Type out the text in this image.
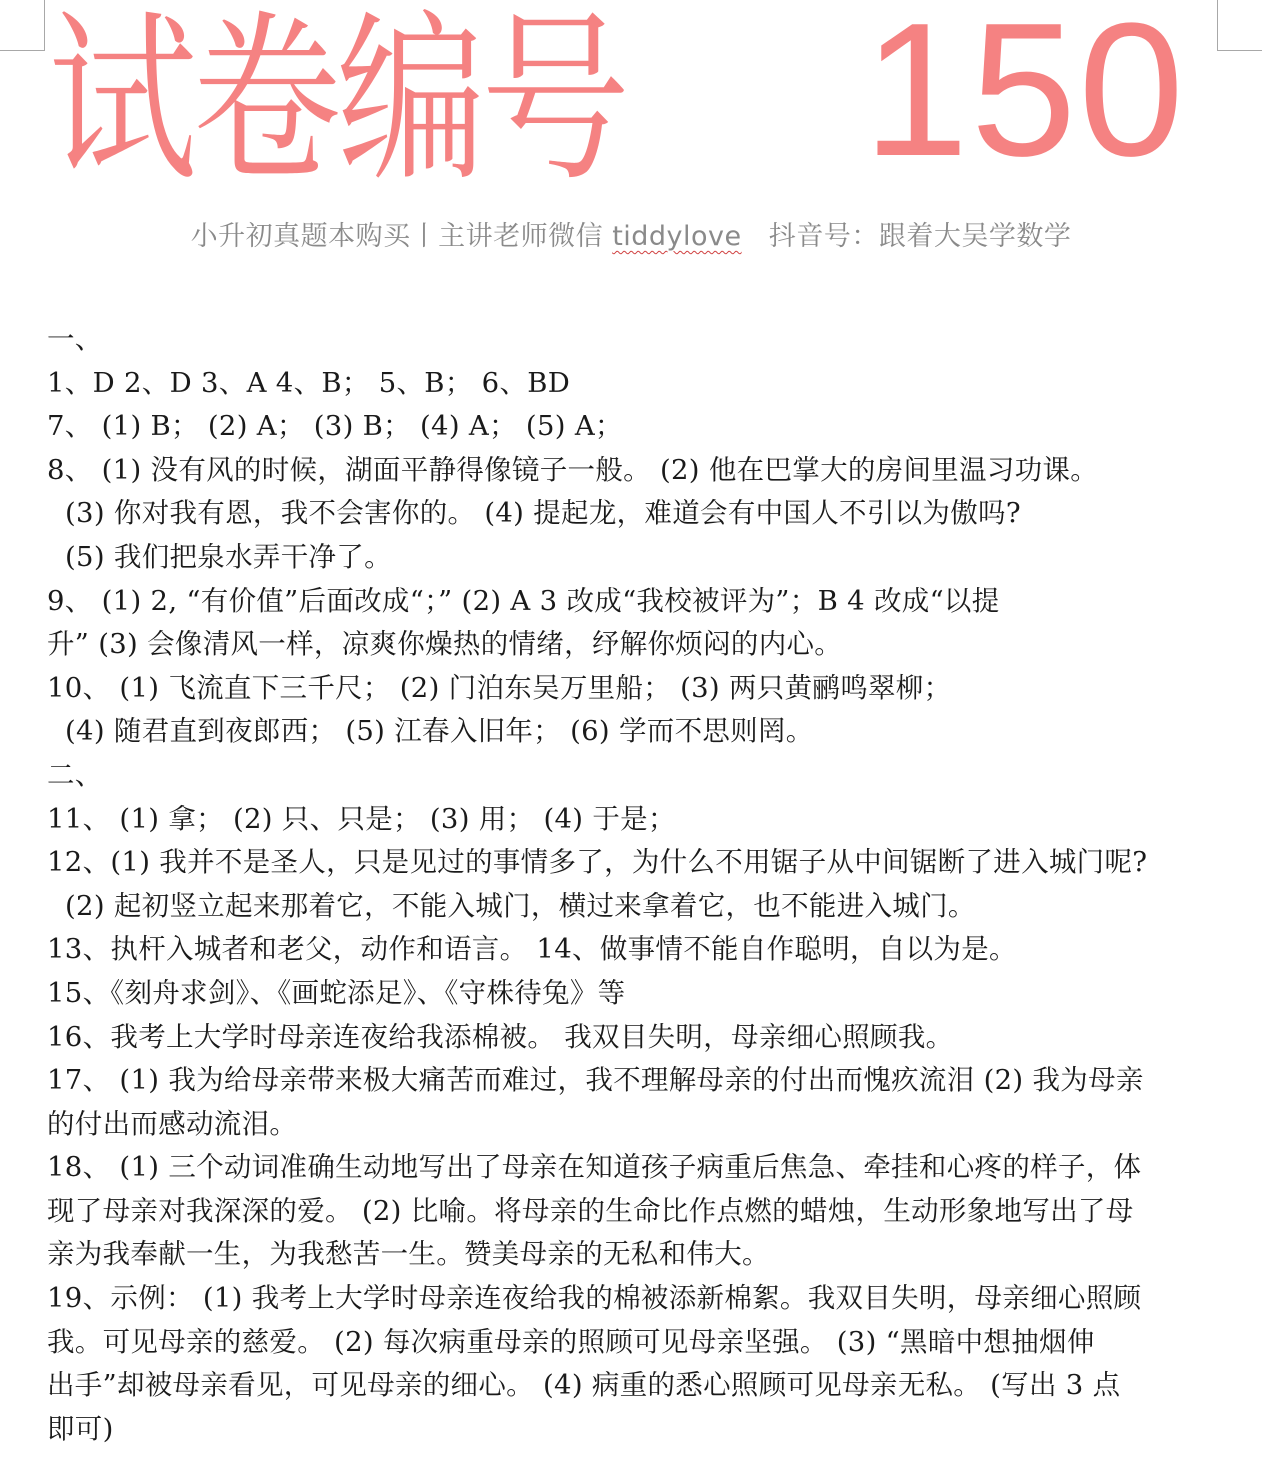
试卷编号 150
小升初真题本购买丨主讲老师微信 tiddylove   抖音号：跟着大吴学数学
一、
1、D 2、D 3、A 4、B； 5、B； 6、BD
7、 (1) B； (2) A； (3) B； (4) A； (5) A；
8、 (1) 没有风的时候，湖面平静得像镜子一般。 (2) 他在巴掌大的房间里温习功课。
(3) 你对我有恩，我不会害你的。 (4) 提起龙，难道会有中国人不引以为傲吗?
(5) 我们把泉水弄干净了。
9、 (1) 2, “有价值”后面改成“；” (2) A 3 改成“我校被评为”；B 4 改成“以提
升” (3) 会像清风一样，凉爽你燥热的情绪，纾解你烦闷的内心。
10、 (1) 飞流直下三千尺； (2) 门泊东吴万里船； (3) 两只黄鹂鸣翠柳；
(4) 随君直到夜郎西； (5) 江春入旧年； (6) 学而不思则罔。
二、
11、 (1) 拿； (2) 只、只是； (3) 用； (4) 于是；
12、(1) 我并不是圣人，只是见过的事情多了，为什么不用锯子从中间锯断了进入城门呢?
(2) 起初竖立起来那着它，不能入城门，横过来拿着它，也不能进入城门。
13、执杆入城者和老父，动作和语言。 14、做事情不能自作聪明，自以为是。
15、《刻舟求剑》、《画蛇添足》、《守株待兔》等
16、我考上大学时母亲连夜给我添棉被。 我双目失明，母亲细心照顾我。
17、 (1) 我为给母亲带来极大痛苦而难过，我不理解母亲的付出而愧疚流泪 (2) 我为母亲
的付出而感动流泪。
18、 (1) 三个动词准确生动地写出了母亲在知道孩子病重后焦急、牵挂和心疼的样子，体
现了母亲对我深深的爱。 (2) 比喻。将母亲的生命比作点燃的蜡烛，生动形象地写出了母
亲为我奉献一生，为我愁苦一生。赞美母亲的无私和伟大。
19、示例： (1) 我考上大学时母亲连夜给我的棉被添新棉絮。我双目失明，母亲细心照顾
我。可见母亲的慈爱。 (2) 每次病重母亲的照顾可见母亲坚强。 (3) “黑暗中想抽烟伸
出手”却被母亲看见，可见母亲的细心。 (4) 病重的悉心照顾可见母亲无私。 (写出 3 点
即可)
